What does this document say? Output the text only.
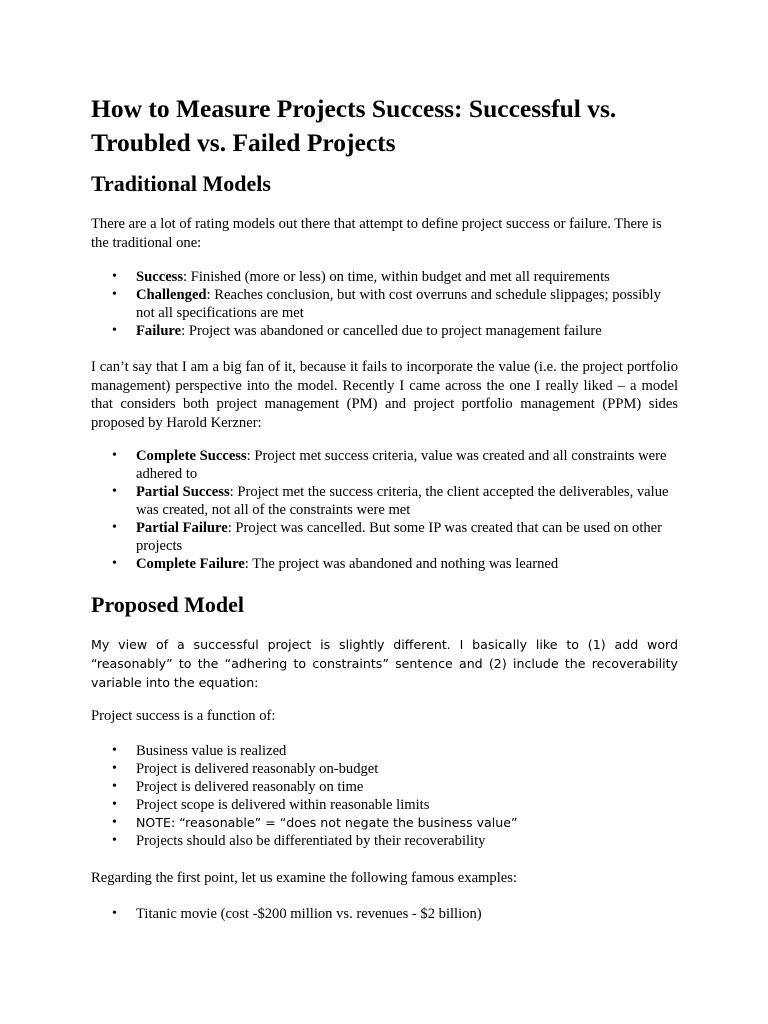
How to Measure Projects Success: Successful vs. Troubled vs. Failed Projects
Traditional Models

There are a lot of rating models out there that attempt to define project success or failure. There is the traditional one:

• Success: Finished (more or less) on time, within budget and met all requirements
• Challenged: Reaches conclusion, but with cost overruns and schedule slippages; possibly not all specifications are met
• Failure: Project was abandoned or cancelled due to project management failure

I can’t say that I am a big fan of it, because it fails to incorporate the value (i.e. the project portfolio management) perspective into the model. Recently I came across the one I really liked – a model that considers both project management (PM) and project portfolio management (PPM) sides proposed by Harold Kerzner:

• Complete Success: Project met success criteria, value was created and all constraints were adhered to
• Partial Success: Project met the success criteria, the client accepted the deliverables, value was created, not all of the constraints were met
• Partial Failure: Project was cancelled. But some IP was created that can be used on other projects
• Complete Failure: The project was abandoned and nothing was learned
Proposed Model

My view of a successful project is slightly different. I basically like to (1) add word “reasonably” to the “adhering to constraints” sentence and (2) include the recoverability variable into the equation:

Project success is a function of:

• Business value is realized
• Project is delivered reasonably on-budget
• Project is delivered reasonably on time
• Project scope is delivered within reasonable limits
• NOTE: “reasonable” = “does not negate the business value”
• Projects should also be differentiated by their recoverability

Regarding the first point, let us examine the following famous examples:

• Titanic movie (cost -$200 million vs. revenues - $2 billion)
